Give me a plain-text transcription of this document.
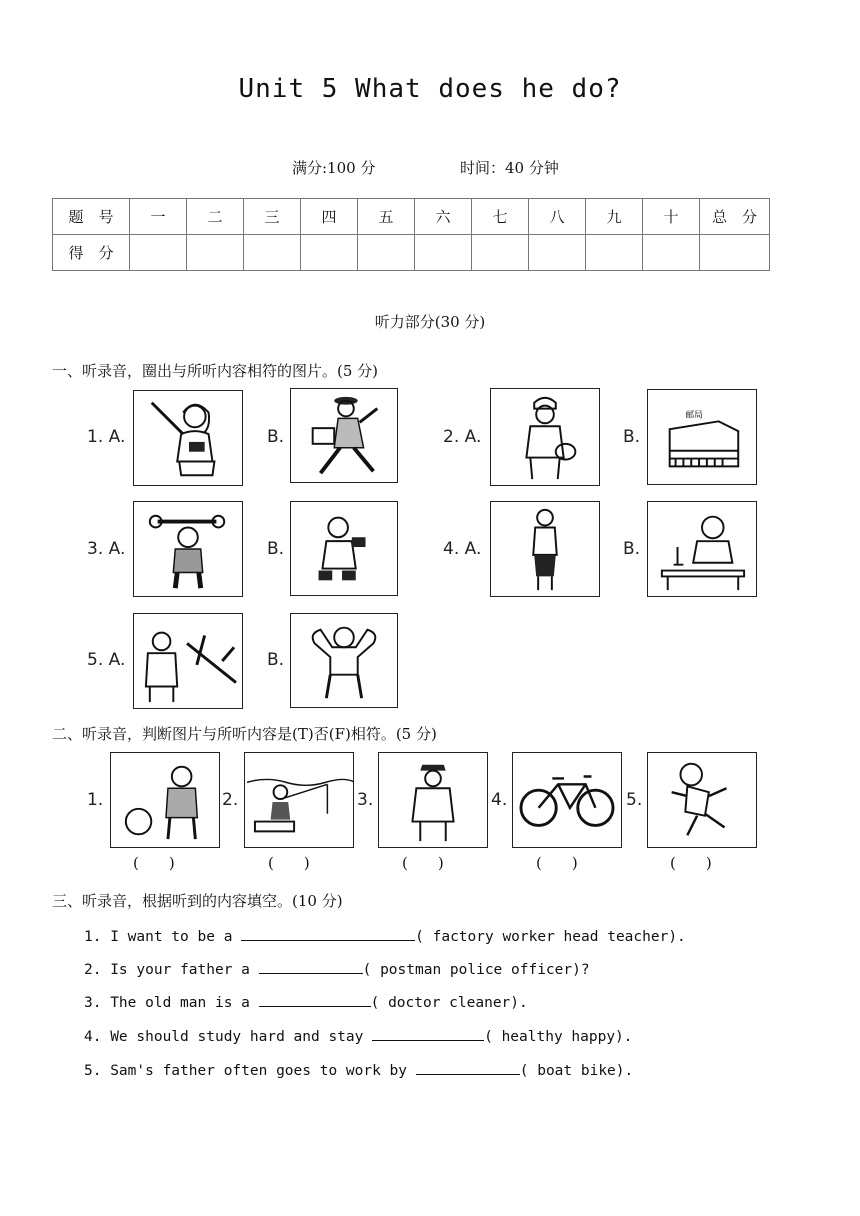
Unit 5 What does he do?
满分:100 分	时间：40 分钟
题　号	一	二	三	四	五	六	七	八	九	十	总　分
得　分											
听力部分(30 分)
一、听录音，圈出与所听内容相符的图片。(5 分)
1. A.	B.	2. A.	B.
邮局
3. A.	B.	4. A.	B.
5. A.	B.
二、听录音，判断图片与所听内容是(T)否(F)相符。(5 分)
1.	2.	3.	4.	5.
(　　)	(　　)	(　　)	(　　)	(　　)
三、听录音，根据听到的内容填空。(10 分)
1. I want to be a	( factory worker head teacher).
2. Is your father a	( postman police officer)?
3. The old man is a	( doctor cleaner).
4. We should study hard and stay	( healthy happy).
5. Sam's father often goes to work by	( boat bike).
